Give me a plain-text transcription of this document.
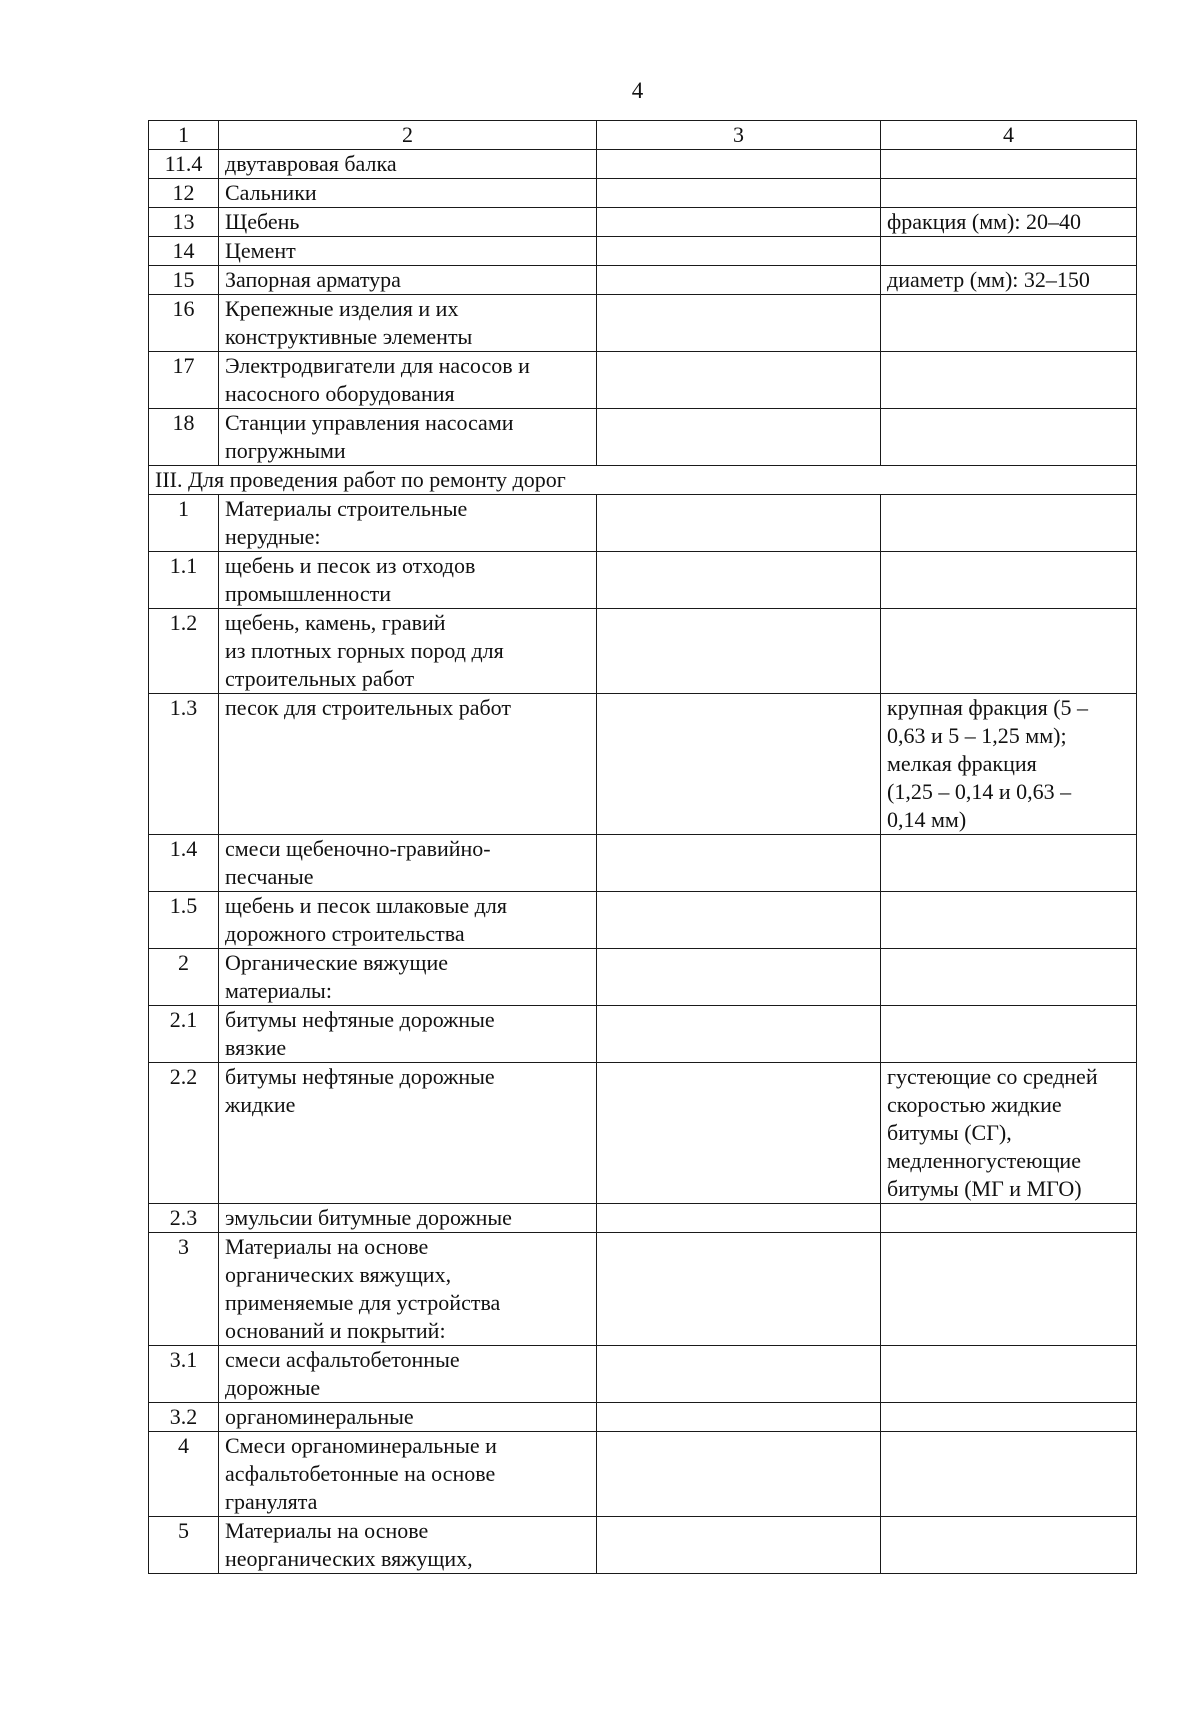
4
1	2	3	4
11.4	двутавровая балка		
12	Сальники		
13	Щебень		фракция (мм): 20–40
14	Цемент		
15	Запорная арматура		диаметр (мм): 32–150
16	Крепежные изделия и их
конструктивные элементы		
17	Электродвигатели для насосов и
насосного оборудования		
18	Станции управления насосами
погружными		
III. Для проведения работ по ремонту дорог			
1	Материалы строительные
нерудные:		
1.1	щебень и песок из отходов
промышленности		
1.2	щебень, камень, гравий
из плотных горных пород для
строительных работ		
1.3	песок для строительных работ		крупная фракция (5 –
0,63 и 5 – 1,25 мм);
мелкая фракция
(1,25 – 0,14 и 0,63 –
0,14 мм)
1.4	смеси щебеночно-гравийно-
песчаные		
1.5	щебень и песок шлаковые для
дорожного строительства		
2	Органические вяжущие
материалы:		
2.1	битумы нефтяные дорожные
вязкие		
2.2	битумы нефтяные дорожные
жидкие		густеющие со средней
скоростью жидкие
битумы (СГ),
медленногустеющие
битумы (МГ и МГО)
2.3	эмульсии битумные дорожные		
3	Материалы на основе
органических вяжущих,
применяемые для устройства
оснований и покрытий:		
3.1	смеси асфальтобетонные
дорожные		
3.2	органоминеральные		
4	Смеси органоминеральные и
асфальтобетонные на основе
гранулята		
5	Материалы на основе
неорганических вяжущих,		
